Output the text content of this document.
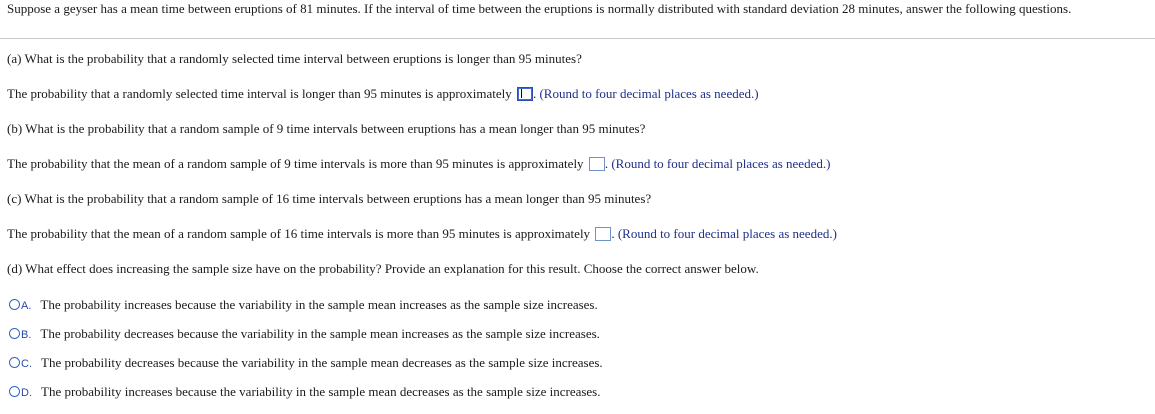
Suppose a geyser has a mean time between eruptions of 81 minutes. If the interval of time between the eruptions is normally distributed with standard deviation 28 minutes, answer the following questions.
(a) What is the probability that a randomly selected time interval between eruptions is longer than 95 minutes?
The probability that a randomly selected time interval is longer than 95 minutes is approximately . (Round to four decimal places as needed.)
(b) What is the probability that a random sample of 9 time intervals between eruptions has a mean longer than 95 minutes?
The probability that the mean of a random sample of 9 time intervals is more than 95 minutes is approximately . (Round to four decimal places as needed.)
(c) What is the probability that a random sample of 16 time intervals between eruptions has a mean longer than 95 minutes?
The probability that the mean of a random sample of 16 time intervals is more than 95 minutes is approximately . (Round to four decimal places as needed.)
(d) What effect does increasing the sample size have on the probability? Provide an explanation for this result. Choose the correct answer below.
A. The probability increases because the variability in the sample mean increases as the sample size increases.
B. The probability decreases because the variability in the sample mean increases as the sample size increases.
C. The probability decreases because the variability in the sample mean decreases as the sample size increases.
D. The probability increases because the variability in the sample mean decreases as the sample size increases.
